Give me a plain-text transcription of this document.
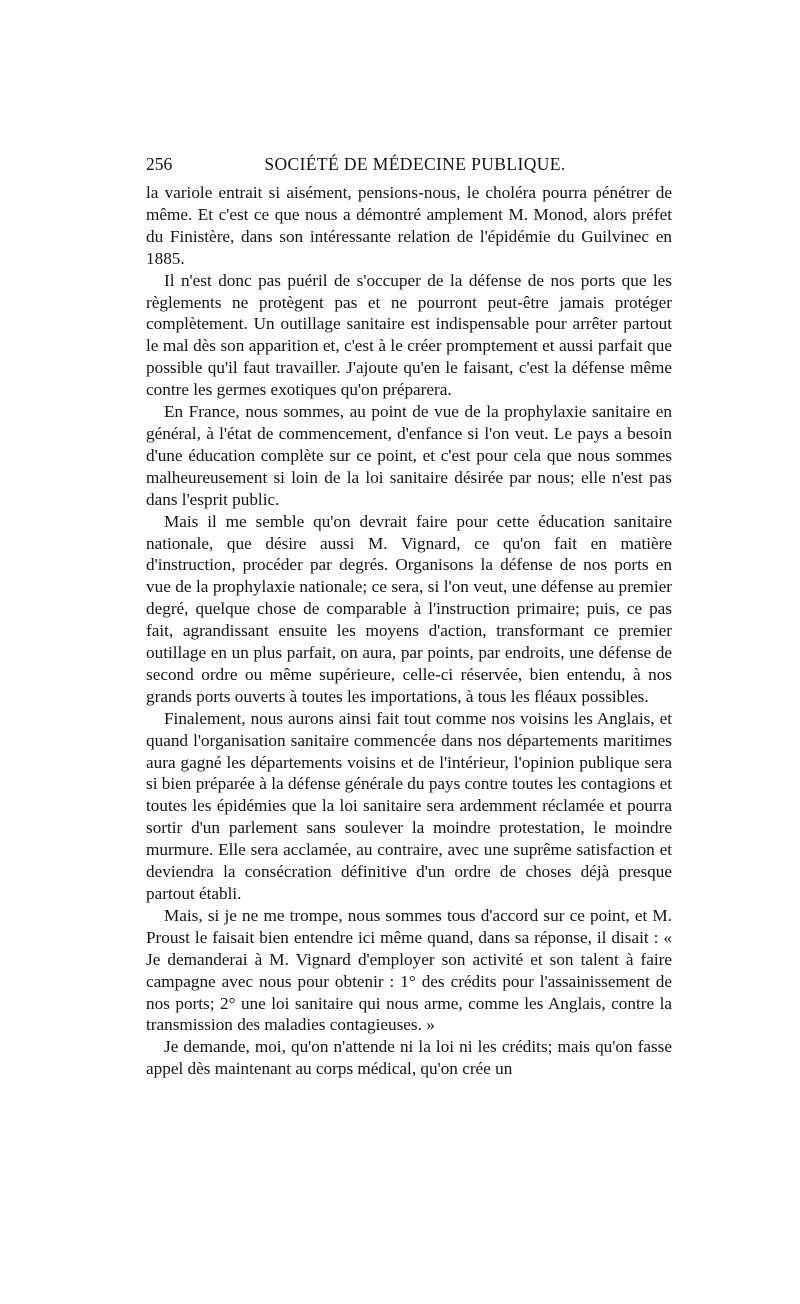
256	SOCIÉTÉ DE MÉDECINE PUBLIQUE.

la variole entrait si aisément, pensions-nous, le choléra pourra pénétrer de même. Et c'est ce que nous a démontré amplement M. Monod, alors préfet du Finistère, dans son intéressante relation de l'épidémie du Guilvinec en 1885.

Il n'est donc pas puéril de s'occuper de la défense de nos ports que les règlements ne protègent pas et ne pourront peut-être jamais protéger complètement. Un outillage sanitaire est indispensable pour arrêter partout le mal dès son apparition et, c'est à le créer promptement et aussi parfait que possible qu'il faut travailler. J'ajoute qu'en le faisant, c'est la défense même contre les germes exotiques qu'on préparera.

En France, nous sommes, au point de vue de la prophylaxie sanitaire en général, à l'état de commencement, d'enfance si l'on veut. Le pays a besoin d'une éducation complète sur ce point, et c'est pour cela que nous sommes malheureusement si loin de la loi sanitaire désirée par nous; elle n'est pas dans l'esprit public.

Mais il me semble qu'on devrait faire pour cette éducation sanitaire nationale, que désire aussi M. Vignard, ce qu'on fait en matière d'instruction, procéder par degrés. Organisons la défense de nos ports en vue de la prophylaxie nationale; ce sera, si l'on veut, une défense au premier degré, quelque chose de comparable à l'instruction primaire; puis, ce pas fait, agrandissant ensuite les moyens d'action, transformant ce premier outillage en un plus parfait, on aura, par points, par endroits, une défense de second ordre ou même supérieure, celle-ci réservée, bien entendu, à nos grands ports ouverts à toutes les importations, à tous les fléaux possibles.

Finalement, nous aurons ainsi fait tout comme nos voisins les Anglais, et quand l'organisation sanitaire commencée dans nos départements maritimes aura gagné les départements voisins et de l'intérieur, l'opinion publique sera si bien préparée à la défense générale du pays contre toutes les contagions et toutes les épidémies que la loi sanitaire sera ardemment réclamée et pourra sortir d'un parlement sans soulever la moindre protestation, le moindre murmure. Elle sera acclamée, au contraire, avec une suprême satisfaction et deviendra la consécration définitive d'un ordre de choses déjà presque partout établi.

Mais, si je ne me trompe, nous sommes tous d'accord sur ce point, et M. Proust le faisait bien entendre ici même quand, dans sa réponse, il disait : « Je demanderai à M. Vignard d'employer son activité et son talent à faire campagne avec nous pour obtenir : 1° des crédits pour l'assainissement de nos ports; 2° une loi sanitaire qui nous arme, comme les Anglais, contre la transmission des maladies contagieuses. »

Je demande, moi, qu'on n'attende ni la loi ni les crédits; mais qu'on fasse appel dès maintenant au corps médical, qu'on crée un
